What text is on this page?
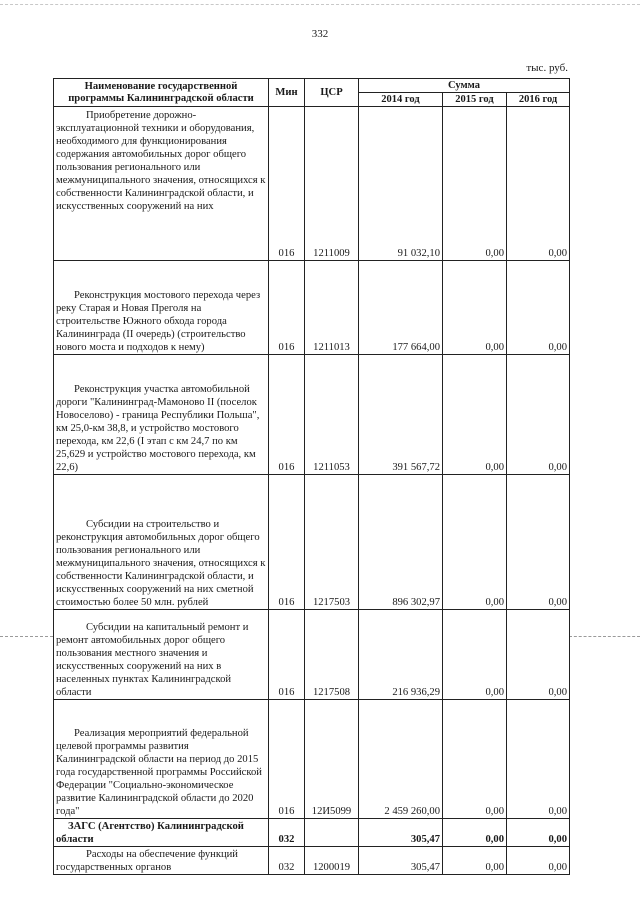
332
тыс. руб.
Наименование государственной программы Калининградской области	Мин	ЦСР	Сумма		
			2014 год	2015 год	2016 год

Приобретение дорожно-эксплуатационной техники и оборудования, необходимого для функционирования содержания автомобильных дорог общего пользования регионального или межмуниципального значения, относящихся к собственности Калининградской области, и искусственных сооружений на них	016	1211009	91 032,10	0,00	0,00

Реконструкция мостового перехода через реку Старая и Новая Преголя на строительстве Южного обхода города Калининграда (II очередь) (строительство нового моста и подходов к нему)	016	1211013	177 664,00	0,00	0,00

Реконструкция участка автомобильной дороги "Калининград-Мамоново II (поселок Новоселово) - граница Республики Польша", км 25,0-км 38,8, и устройство мостового перехода, км 22,6 (I этап с км 24,7 по км 25,629 и устройство мостового перехода, км 22,6)	016	1211053	391 567,72	0,00	0,00

Субсидии на строительство и реконструкция автомобильных дорог общего пользования регионального или межмуниципального значения, относящихся к собственности Калининградской области, и искусственных сооружений на них сметной стоимостью более 50 млн. рублей	016	1217503	896 302,97	0,00	0,00

Субсидии на капитальный ремонт и ремонт автомобильных дорог общего пользования местного значения и искусственных сооружений на них в населенных пунктах Калининградской области	016	1217508	216 936,29	0,00	0,00

Реализация мероприятий федеральной целевой программы развития Калининградской области на период до 2015 года государственной программы Российской Федерации "Социально-экономическое развитие Калининградской области до 2020 года"	016	12И5099	2 459 260,00	0,00	0,00

ЗАГС (Агентство) Калининградской области	032		305,47	0,00	0,00

Расходы на обеспечение функций государственных органов	032	1200019	305,47	0,00	0,00
